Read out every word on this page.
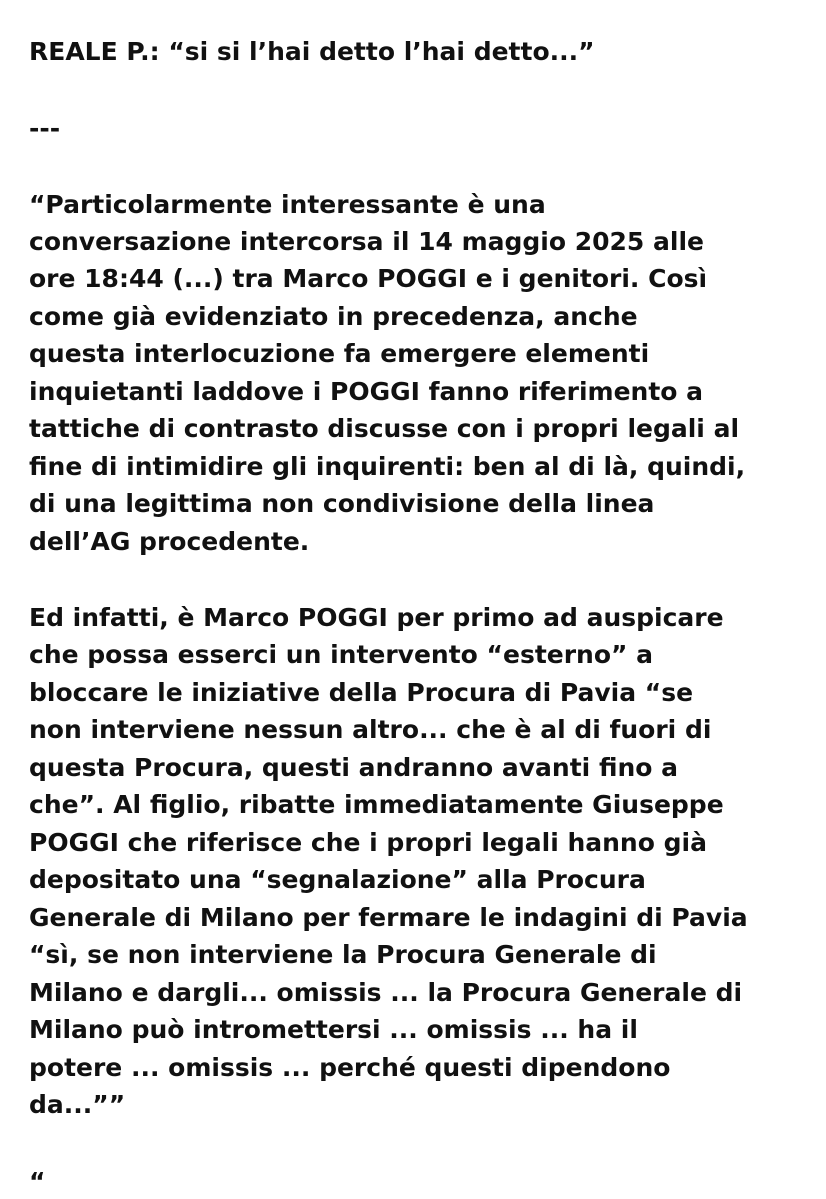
REALE P.: “si si l’hai detto l’hai detto...”
---
“Particolarmente interessante è una
conversazione intercorsa il 14 maggio 2025 alle
ore 18:44 (...) tra Marco POGGI e i genitori. Così
come già evidenziato in precedenza, anche
questa interlocuzione fa emergere elementi
inquietanti laddove i POGGI fanno riferimento a
tattiche di contrasto discusse con i propri legali al
fine di intimidire gli inquirenti: ben al di là, quindi,
di una legittima non condivisione della linea
dell’AG procedente.
Ed infatti, è Marco POGGI per primo ad auspicare
che possa esserci un intervento “esterno” a
bloccare le iniziative della Procura di Pavia “se
non interviene nessun altro... che è al di fuori di
questa Procura, questi andranno avanti fino a
che”. Al figlio, ribatte immediatamente Giuseppe
POGGI che riferisce che i propri legali hanno già
depositato una “segnalazione” alla Procura
Generale di Milano per fermare le indagini di Pavia
“sì, se non interviene la Procura Generale di
Milano e dargli... omissis ... la Procura Generale di
Milano può intromettersi ... omissis ... ha il
potere ... omissis ... perché questi dipendono
da...””
“
